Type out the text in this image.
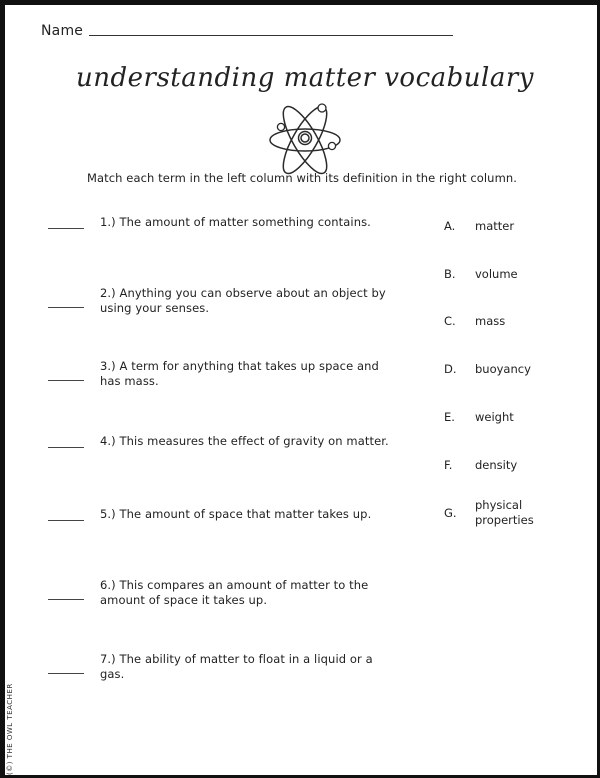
Name
understanding matter vocabulary
Match each term in the left column with its definition in the right column.
1.) The amount of matter something contains.
2.) Anything you can observe about an object by using your senses.
3.) A term for anything that takes up space and has mass.
4.) This measures the effect of gravity on matter.
5.) The amount of space that matter takes up.
6.) This compares an amount of matter to the amount of space it takes up.
7.) The ability of matter to float in a liquid or a gas.
A.	matter
B.	volume
C.	mass
D.	buoyancy
E.	weight
F.	density
G.
physical properties
(©) THE OWL TEACHER
